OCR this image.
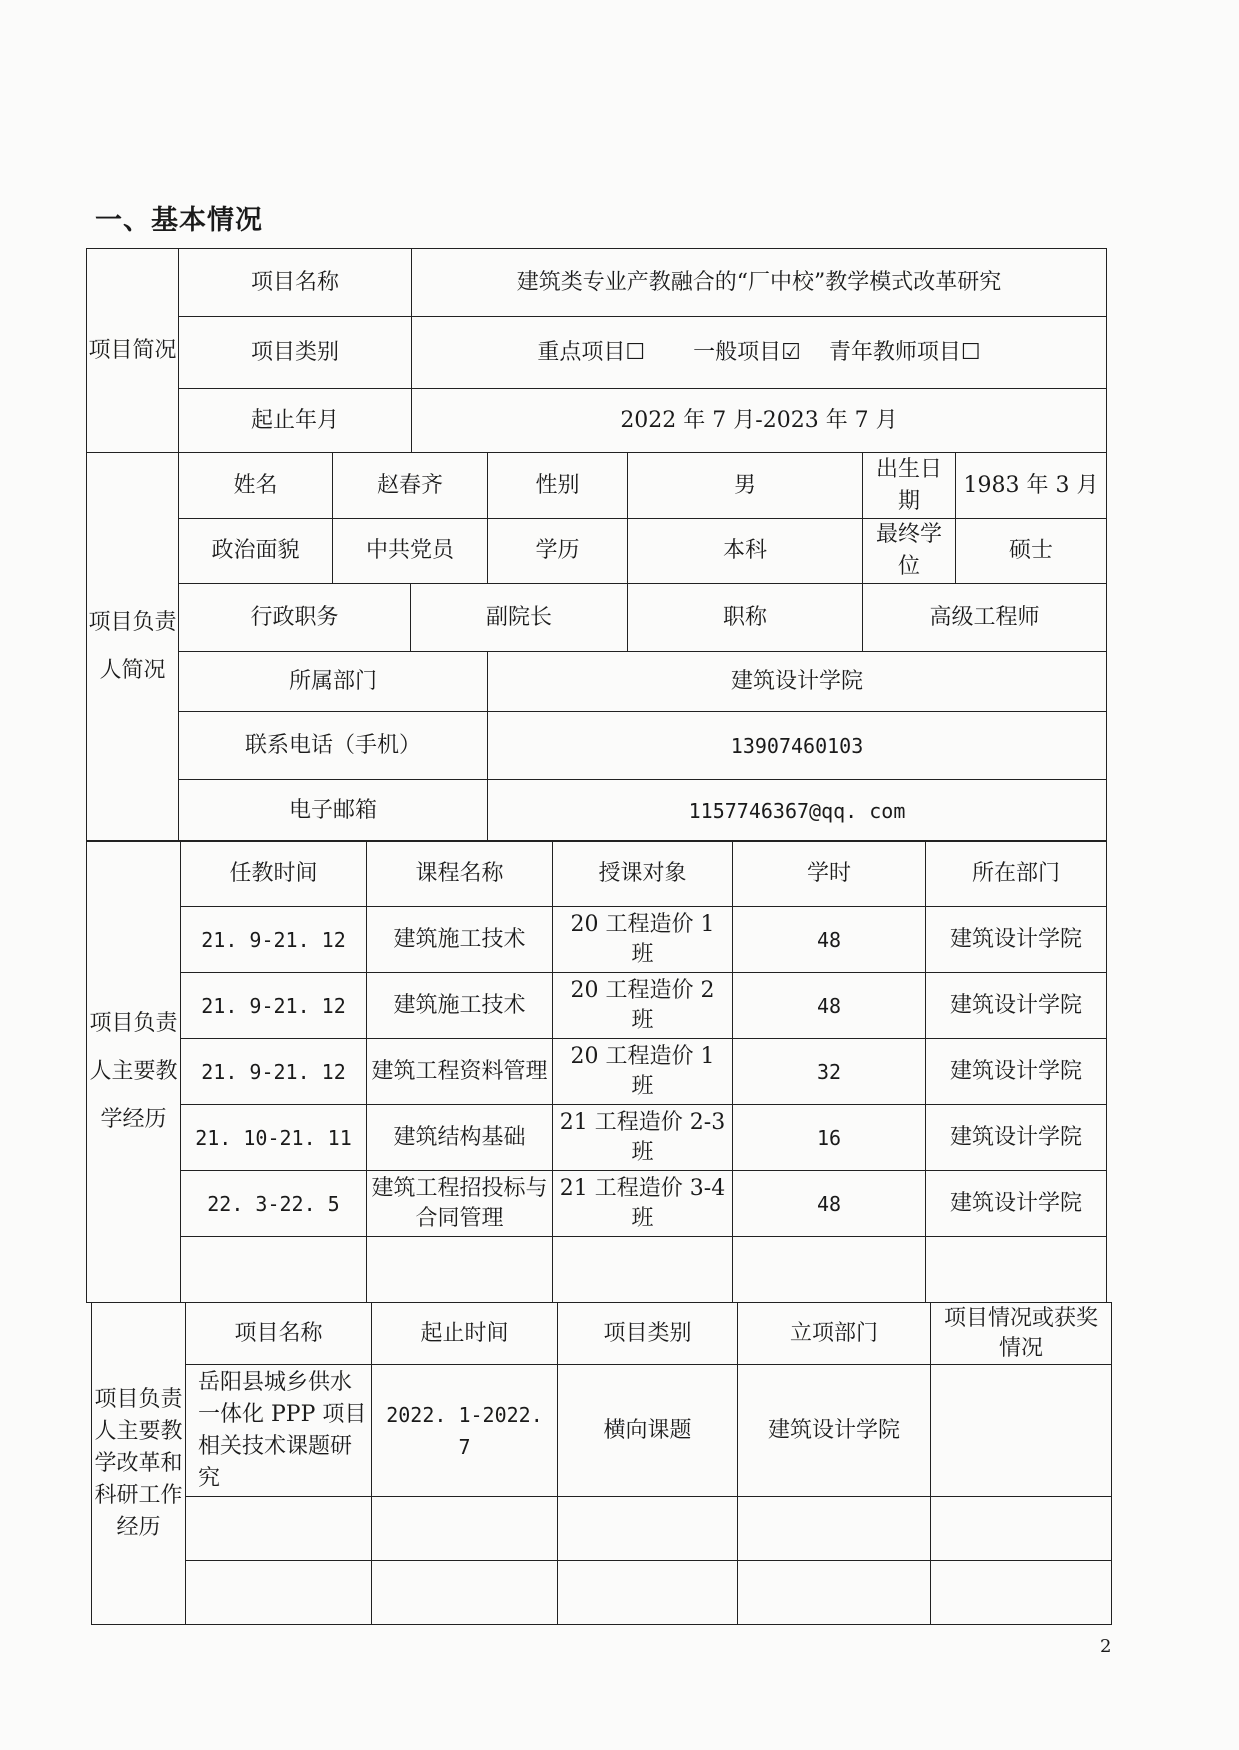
一、基本情况
项目简况	项目名称	建筑类专业产教融合的“厂中校”教学模式改革研究
	项目类别	重点项目☐ 一般项目☑ 青年教师项目☐
	起止年月	2022 年 7 月-2023 年 7 月
项目负责人简况	姓名	赵春齐		性别	男	出生日期	1983 年 3 月
	政治面貌	中共党员		学历	本科	最终学位	硕士
	行政职务		副院长		职称	高级工程师	
	所属部门			建筑设计学院			
	联系电话（手机）			13907460103			
	电子邮箱			1157746367@qq. com			
项目负责人主要教学经历	任教时间	课程名称	授课对象	学时	所在部门
	21. 9-21. 12	建筑施工技术	20 工程造价 1 班	48	建筑设计学院
	21. 9-21. 12	建筑施工技术	20 工程造价 2 班	48	建筑设计学院
	21. 9-21. 12	建筑工程资料管理	20 工程造价 1 班	32	建筑设计学院
	21. 10-21. 11	建筑结构基础	21 工程造价 2-3 班	16	建筑设计学院
	22. 3-22. 5	建筑工程招投标与合同管理	21 工程造价 3-4 班	48	建筑设计学院

项目负责人主要教学改革和科研工作经历	项目名称	起止时间	项目类别	立项部门	项目情况或获奖情况
	岳阳县城乡供水一体化 PPP 项目相关技术课题研究	2022. 1-2022. 7	横向课题	建筑设计学院	

2
